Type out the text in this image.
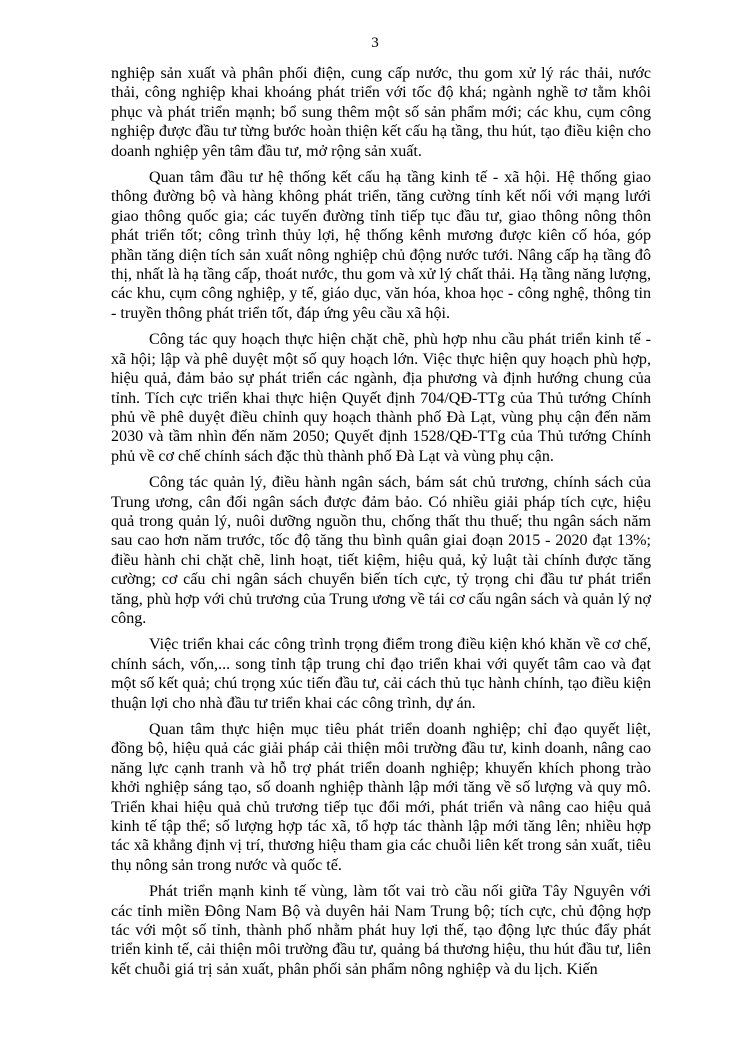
3

nghiệp sản xuất và phân phối điện, cung cấp nước, thu gom xử lý rác thải, nước thải, công nghiệp khai khoáng phát triển với tốc độ khá; ngành nghề tơ tằm khôi phục và phát triển mạnh; bổ sung thêm một số sản phẩm mới; các khu, cụm công nghiệp được đầu tư từng bước hoàn thiện kết cấu hạ tầng, thu hút, tạo điều kiện cho doanh nghiệp yên tâm đầu tư, mở rộng sản xuất.

Quan tâm đầu tư hệ thống kết cấu hạ tầng kinh tế - xã hội. Hệ thống giao thông đường bộ và hàng không phát triển, tăng cường tính kết nối với mạng lưới giao thông quốc gia; các tuyến đường tỉnh tiếp tục đầu tư, giao thông nông thôn phát triển tốt; công trình thủy lợi, hệ thống kênh mương được kiên cố hóa, góp phần tăng diện tích sản xuất nông nghiệp chủ động nước tưới. Nâng cấp hạ tầng đô thị, nhất là hạ tầng cấp, thoát nước, thu gom và xử lý chất thải. Hạ tầng năng lượng, các khu, cụm công nghiệp, y tế, giáo dục, văn hóa, khoa học - công nghệ, thông tin - truyền thông phát triển tốt, đáp ứng yêu cầu xã hội.

Công tác quy hoạch thực hiện chặt chẽ, phù hợp nhu cầu phát triển kinh tế - xã hội; lập và phê duyệt một số quy hoạch lớn. Việc thực hiện quy hoạch phù hợp, hiệu quả, đảm bảo sự phát triển các ngành, địa phương và định hướng chung của tỉnh. Tích cực triển khai thực hiện Quyết định 704/QĐ-TTg của Thủ tướng Chính phủ về phê duyệt điều chỉnh quy hoạch thành phố Đà Lạt, vùng phụ cận đến năm 2030 và tầm nhìn đến năm 2050; Quyết định 1528/QĐ-TTg của Thủ tướng Chính phủ về cơ chế chính sách đặc thù thành phố Đà Lạt và vùng phụ cận.

Công tác quản lý, điều hành ngân sách, bám sát chủ trương, chính sách của Trung ương, cân đối ngân sách được đảm bảo. Có nhiều giải pháp tích cực, hiệu quả trong quản lý, nuôi dưỡng nguồn thu, chống thất thu thuế; thu ngân sách năm sau cao hơn năm trước, tốc độ tăng thu bình quân giai đoạn 2015 - 2020 đạt 13%; điều hành chi chặt chẽ, linh hoạt, tiết kiệm, hiệu quả, kỷ luật tài chính được tăng cường; cơ cấu chi ngân sách chuyển biến tích cực, tỷ trọng chi đầu tư phát triển tăng, phù hợp với chủ trương của Trung ương về tái cơ cấu ngân sách và quản lý nợ công.

Việc triển khai các công trình trọng điểm trong điều kiện khó khăn về cơ chế, chính sách, vốn,... song tỉnh tập trung chỉ đạo triển khai với quyết tâm cao và đạt một số kết quả; chú trọng xúc tiến đầu tư, cải cách thủ tục hành chính, tạo điều kiện thuận lợi cho nhà đầu tư triển khai các công trình, dự án.

Quan tâm thực hiện mục tiêu phát triển doanh nghiệp; chỉ đạo quyết liệt, đồng bộ, hiệu quả các giải pháp cải thiện môi trường đầu tư, kinh doanh, nâng cao năng lực cạnh tranh và hỗ trợ phát triển doanh nghiệp; khuyến khích phong trào khởi nghiệp sáng tạo, số doanh nghiệp thành lập mới tăng về số lượng và quy mô. Triển khai hiệu quả chủ trương tiếp tục đổi mới, phát triển và nâng cao hiệu quả kinh tế tập thể; số lượng hợp tác xã, tổ hợp tác thành lập mới tăng lên; nhiều hợp tác xã khẳng định vị trí, thương hiệu tham gia các chuỗi liên kết trong sản xuất, tiêu thụ nông sản trong nước và quốc tế.

Phát triển mạnh kinh tế vùng, làm tốt vai trò cầu nối giữa Tây Nguyên với các tỉnh miền Đông Nam Bộ và duyên hải Nam Trung bộ; tích cực, chủ động hợp tác với một số tỉnh, thành phố nhằm phát huy lợi thế, tạo động lực thúc đẩy phát triển kinh tế, cải thiện môi trường đầu tư, quảng bá thương hiệu, thu hút đầu tư, liên kết chuỗi giá trị sản xuất, phân phối sản phẩm nông nghiệp và du lịch. Kiến
